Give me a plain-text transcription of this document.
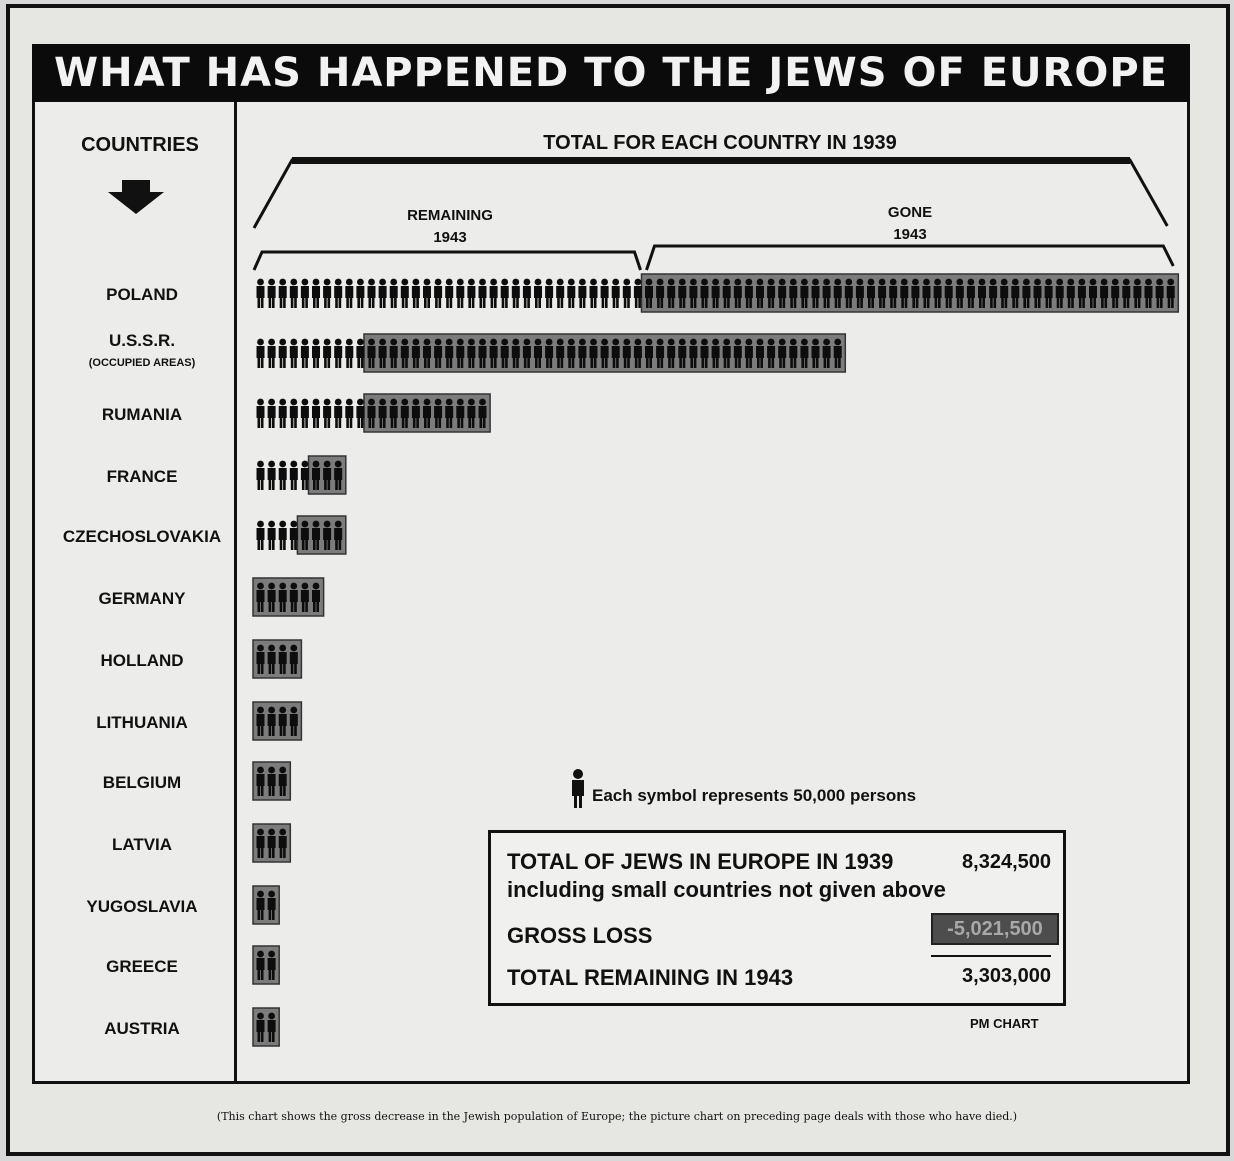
WHAT HAS HAPPENED TO THE JEWS OF EUROPE
COUNTRIES	TOTAL FOR EACH COUNTRY IN 1939
REMAINING
1943
GONE
1943
POLAND
U.S.S.R.
(OCCUPIED AREAS)
RUMANIA
FRANCE
CZECHOSLOVAKIA
GERMANY
HOLLAND
LITHUANIA
BELGIUM
LATVIA
YUGOSLAVIA
GREECE
AUSTRIA
Each symbol represents 50,000 persons
TOTAL OF JEWS IN EUROPE IN 1939	8,324,500
including small countries not given above
GROSS LOSS	-5,021,500
TOTAL REMAINING IN 1943	3,303,000
PM CHART
(This chart shows the gross decrease in the Jewish population of Europe; the picture chart on preceding page deals with those who have died.)
